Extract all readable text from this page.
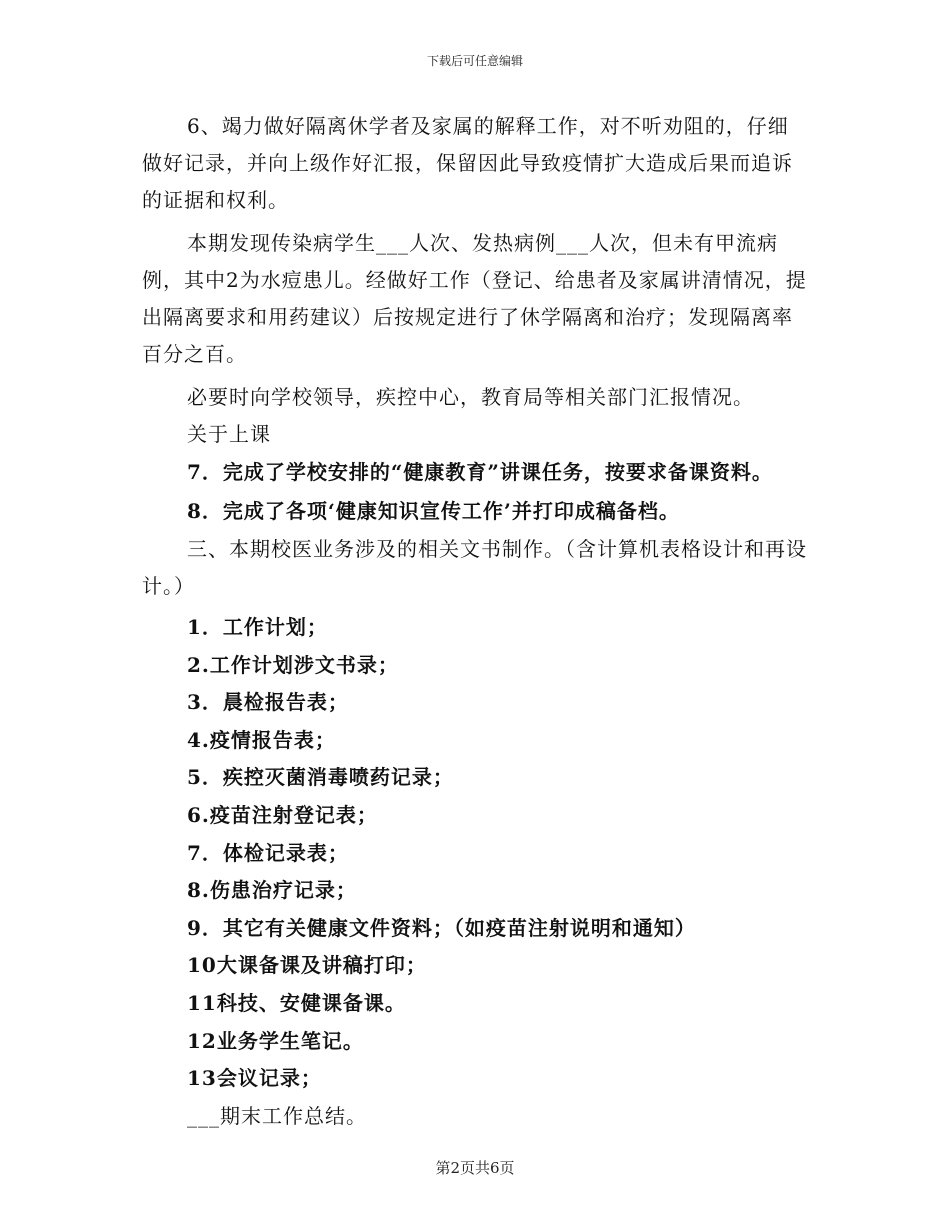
下载后可任意编辑

6、竭力做好隔离休学者及家属的解释工作，对不听劝阻的，仔细做好记录，并向上级作好汇报，保留因此导致疫情扩大造成后果而追诉的证据和权利。

本期发现传染病学生___人次、发热病例___人次，但未有甲流病例，其中2为水痘患儿。经做好工作（登记、给患者及家属讲清情况，提出隔离要求和用药建议）后按规定进行了休学隔离和治疗；发现隔离率百分之百。

必要时向学校领导，疾控中心，教育局等相关部门汇报情况。

关于上课

7．完成了学校安排的“健康教育”讲课任务，按要求备课资料。

8．完成了各项‘健康知识宣传工作’并打印成稿备档。

三、本期校医业务涉及的相关文书制作。（含计算机表格设计和再设计。）

1．工作计划；

2.工作计划涉文书录；

3．晨检报告表；

4.疫情报告表；

5．疾控灭菌消毒喷药记录；

6.疫苗注射登记表；

7．体检记录表；

8.伤患治疗记录；

9．其它有关健康文件资料；（如疫苗注射说明和通知）

10大课备课及讲稿打印；

11科技、安健课备课。

12业务学生笔记。

13会议记录；

___期末工作总结。

第2页共6页
